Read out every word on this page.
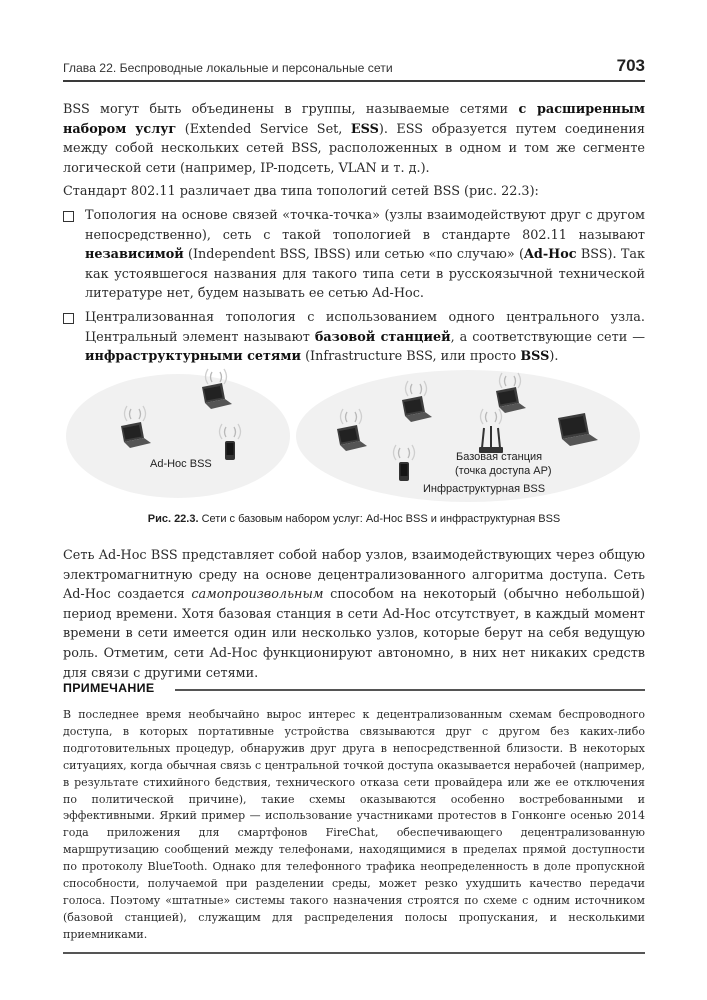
Глава 22. Беспроводные локальные и персональные сети	703

BSS могут быть объединены в группы, называемые сетями с расширенным набором услуг (Extended Service Set, ESS). ESS образуется путем соединения между собой нескольких сетей BSS, расположенных в одном и том же сегменте логической сети (например, IP-подсеть, VLAN и т. д.).

Стандарт 802.11 различает два типа топологий сетей BSS (рис. 22.3):

Топология на основе связей «точка-точка» (узлы взаимодействуют друг с другом непосредственно), сеть с такой топологией в стандарте 802.11 называют независимой (Independent BSS, IBSS) или сетью «по случаю» (Ad-Hoc BSS). Так как устоявшегося названия для такого типа сети в русскоязычной технической литературе нет, будем называть ее сетью Ad-Hoc.
Централизованная топология с использованием одного центрального узла. Центральный элемент называют базовой станцией, а соответствующие сети — инфраструктурными сетями (Infrastructure BSS, или просто BSS).
Ad-Hoc BSS
Базовая станция
(точка доступа AP)
Инфраструктурная BSS
Рис. 22.3. Сети с базовым набором услуг: Ad-Hoc BSS и инфраструктурная BSS

Сеть Ad-Hoc BSS представляет собой набор узлов, взаимодействующих через общую электромагнитную среду на основе децентрализованного алгоритма доступа. Сеть Ad-Hoc создается самопроизвольным способом на некоторый (обычно небольшой) период времени. Хотя базовая станция в сети Ad-Hoc отсутствует, в каждый момент времени в сети имеется один или несколько узлов, которые берут на себя ведущую роль. Отметим, сети Ad-Hoc функционируют автономно, в них нет никаких средств для связи с другими сетями.

ПРИМЕЧАНИЕ

В последнее время необычайно вырос интерес к децентрализованным схемам беспроводного доступа, в которых портативные устройства связываются друг с другом без каких-либо подготовительных процедур, обнаружив друг друга в непосредственной близости. В некоторых ситуациях, когда обычная связь с центральной точкой доступа оказывается нерабочей (например, в результате стихийного бедствия, технического отказа сети провайдера или же ее отключения по политической причине), такие схемы оказываются особенно востребованными и эффективными. Яркий пример — использование участниками протестов в Гонконге осенью 2014 года приложения для смартфонов FireChat, обеспечивающего децентрализованную маршрутизацию сообщений между телефонами, находящимися в пределах прямой доступности по протоколу BlueTooth. Однако для телефонного трафика неопределенность в доле пропускной способности, получаемой при разделении среды, может резко ухудшить качество передачи голоса. Поэтому «штатные» системы такого назначения строятся по схеме с одним источником (базовой станцией), служащим для распределения полосы пропускания, и несколькими приемниками.
